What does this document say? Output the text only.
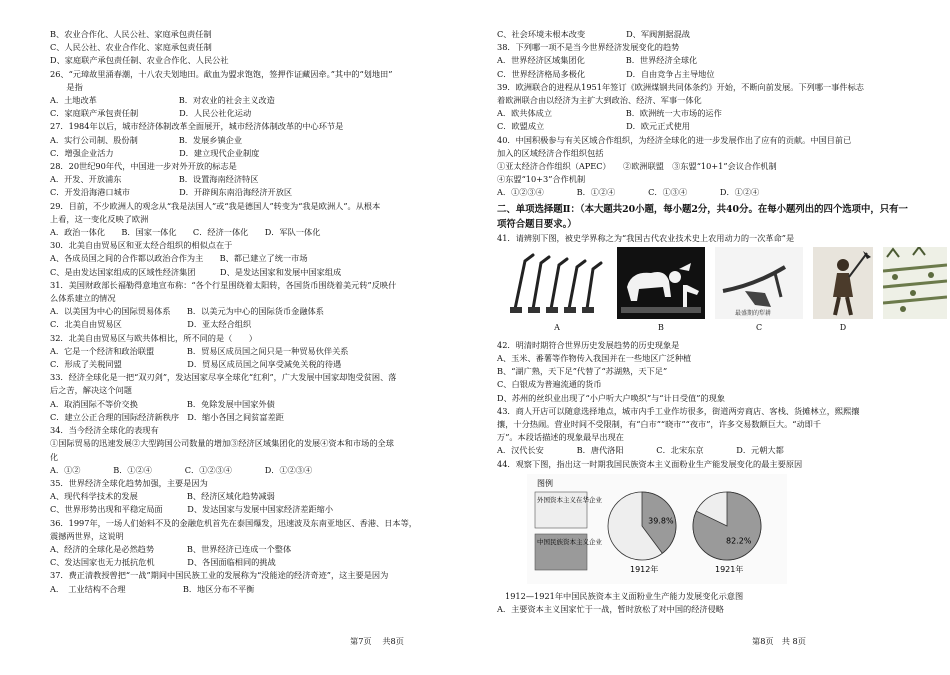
B、农业合作化、人民公社、家庭承包责任制
C、人民公社、农业合作化、家庭承包责任制
D、家庭联产承包责任制、农业合作化、人民公社
26、“元璋故里涌春潮，十八农夫划地田。歃血为盟求饱饱，签押作证藏因牵。”其中的“划地田”
　　是指
A．土地改革　　　　　　　　　　B．对农业的社会主义改造
C．家庭联产承包责任制　　　　　D．人民公社化运动
27．1984年以后，城市经济体制改革全面展开，城市经济体制改革的中心环节是
A．实行公司制、股份制　　　　　B．发展乡镇企业
C．增强企业活力　　　　　　　　D．建立现代企业制度
28．20世纪90年代，中国进一步对外开放的标志是
A．开发、开放浦东　　　　　　　B．设置海南经济特区
C．开发沿海港口城市　　　　　　D．开辟闽东南沿海经济开放区
29．目前，不少欧洲人的观念从“我是法国人”或“我是德国人”转变为“我是欧洲人”。从根本
上看，这一变化反映了欧洲
A．政治一体化　　B．国家一体化　　C．经济一体化　　D．军队一体化
30．北美自由贸易区和亚太经合组织的相似点在于
A、各成员国之间的合作都以政治合作为主　　B、都已建立了统一市场
C、是由发达国家组成的区域性经济集团　　　D、是发达国家和发展中国家组成
31．美国财政部长福勒得意地宣布称：“各个行星围绕着太阳转，各国货币围绕着美元转”反映什
么体系建立的情况
A．以美国为中心的国际贸易体系　　B．以美元为中心的国际货币金融体系
C．北美自由贸易区　　　　　　　　D．亚太经合组织
32．北美自由贸易区与欧共体相比，所不同的是（　　）
A．它是一个经济和政治联盟　　　　B．贸易区成员国之间只是一种贸易伙伴关系
C．形成了关税同盟　　　　　　　　D．贸易区成员国之间享受减免关税的待遇
33．经济全球化是一把“双刃剑”，发达国家尽享全球化“红利”，广大发展中国家却饱受贫困、落
后之苦，解决这个问题
A．取消国际不等价交换　　　　　　B．免除发展中国家外债
C．建立公正合理的国际经济新秩序　D．缩小各国之间贫富差距
34．当今经济全球化的表现有
①国际贸易的迅速发展②大型跨国公司数量的增加③经济区域集团化的发展④资本和市场的全球
化
A．①②　　　　B．①②④　　　　C．①②③④　　　　D．①②③④
35．世界经济全球化趋势加强，主要是因为
A、现代科学技术的发展　　　　　　B、经济区域化趋势减弱
C、世界形势出现和平稳定局面　　　D、发达国家与发展中国家经济差距缩小
36．1997年，一场人们始料不及的金融危机首先在泰国爆发，迅速波及东南亚地区、香港、日本等，
震撼两世界，这说明
A、经济的全球化是必然趋势　　　　B、世界经济已连成一个整体
C、发达国家也无力抵抗危机　　　　D、各国面临相同的挑战
37．费正清教授曾把“一战”期间中国民族工业的发展称为“没能途的经济奇迹”，这主要是因为
A．　工业结构不合理　　　　　　　B．地区分布不平衡
C、社会环境未根本改变　　　　　D、军阀割据混战
38．下列哪一项不是当今世界经济发展变化的趋势
A．世界经济区域集团化　　　　　B．世界经济全球化
C．世界经济格局多极化　　　　　D．自由竞争占主导地位
39．欧洲联合的进程从1951年签订《欧洲煤钢共同体条约》开始，不断向前发展。下列哪一事件标志
着欧洲联合由以经济为主扩大到政治、经济、军事一体化
A．欧共体成立　　　　　　　　　B．欧洲统一大市场的运作
C．欧盟成立　　　　　　　　　　D．欧元正式使用
40．中国积极参与有关区域合作组织，为经济全球化的进一步发展作出了应有的贡献。中国目前已
加入的区域经济合作组织包括
①亚太经济合作组织（APEC）　　②欧洲联盟　③东盟“10+1”会议合作机制
④东盟“10+3”合作机制
A．①②③④　　　　B．①②④　　　　C．①③④　　　　D．①②④
二、单项选择题Ⅱ：（本大题共20小题，每小题2分，共40分。在每小题列出的四个选项中，只有一项符合题目要求。）
41．请辨别下图，被史学界称之为“我国古代农业技术史上农用动力的一次革命”是
A	B
最盛期的犁耕
C	D
42．明清时期符合世界历史发展趋势的历史现象是
A、玉米、番薯等作物传入我国并在一些地区广泛种植
B、“湖广熟，天下足”代替了“苏湖熟，天下足”
C、白银成为普遍流通的货币
D、苏州的丝织业出现了“小户听大户唤织”与“计日受值”的现象
43．商人开店可以随意选择地点，城市内手工业作坊很多，街道两旁商店、客栈、货摊林立，熙熙攘
攘，十分热闹。营业时间不受限制，有“白市”“晓市”“夜市”，许多交易数额巨大。“动即千
万”。本段话描述的现象最早出现在
A．汉代长安　　　　B．唐代洛阳　　　　C．北宋东京　　　　D．元朝大都
44．观察下图，指出这一时期我国民族资本主义面粉业生产能发展变化的最主要原因
图例
外国资本主义在华企业
中国民族资本主义企业
39.8%
1912年
82.2%
1921年
1912—1921年中国民族资本主义面粉业生产能力发展变化示意图
A．主要资本主义国家忙于一战，暂时放松了对中国的经济侵略
第7页　 共8页	第8页　共 8页
